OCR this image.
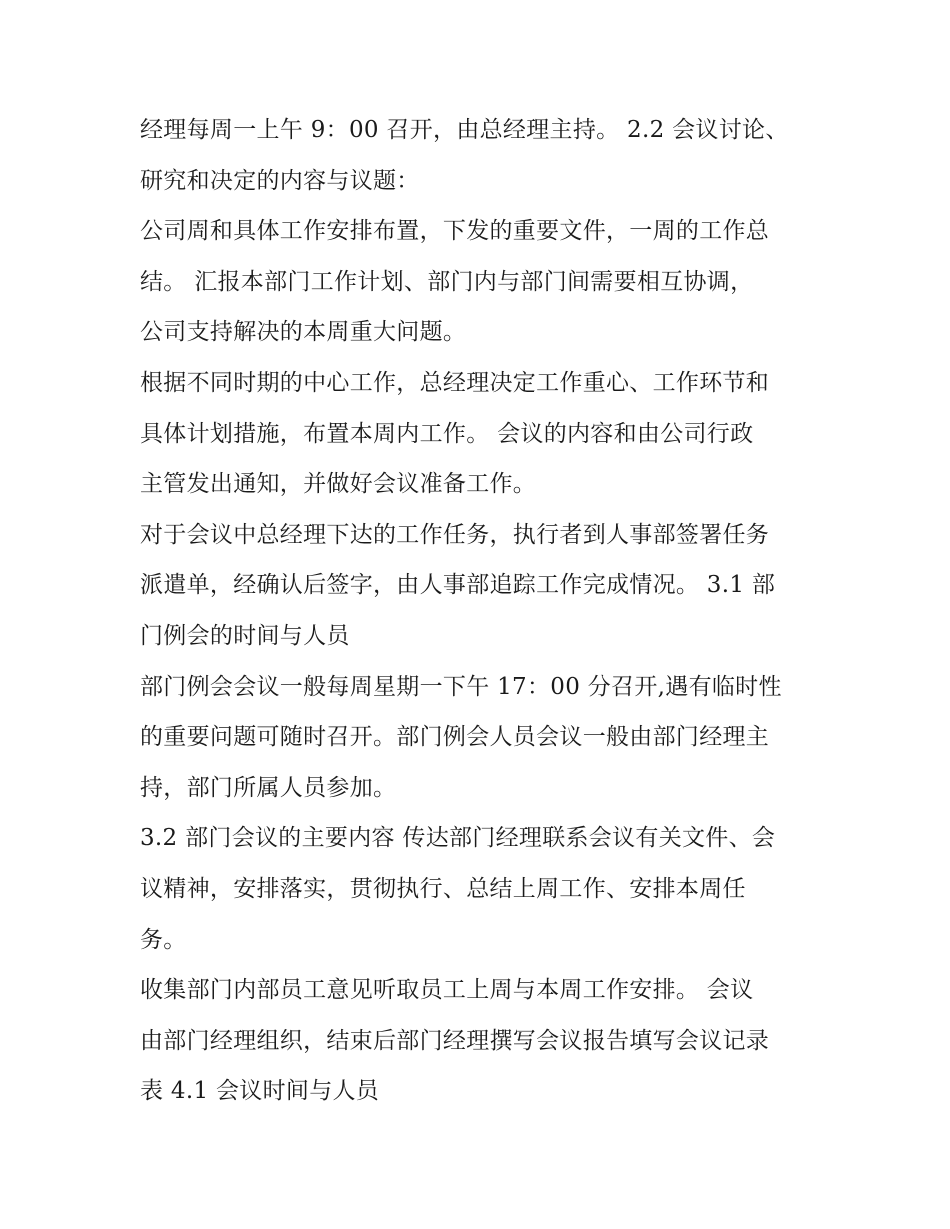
经理每周一上午 9：00 召开，由总经理主持。 2.2 会议讨论、
研究和决定的内容与议题：
公司周和具体工作安排布置，下发的重要文件，一周的工作总
结。 汇报本部门工作计划、部门内与部门间需要相互协调，
公司支持解决的本周重大问题。
根据不同时期的中心工作，总经理决定工作重心、工作环节和
具体计划措施，布置本周内工作。 会议的内容和由公司行政
主管发出通知，并做好会议准备工作。
对于会议中总经理下达的工作任务，执行者到人事部签署任务
派遣单，经确认后签字，由人事部追踪工作完成情况。 3.1 部
门例会的时间与人员
部门例会会议一般每周星期一下午 17：00 分召开,遇有临时性
的重要问题可随时召开。部门例会人员会议一般由部门经理主
持，部门所属人员参加。
3.2 部门会议的主要内容 传达部门经理联系会议有关文件、会
议精神，安排落实，贯彻执行、总结上周工作、安排本周任
务。
收集部门内部员工意见听取员工上周与本周工作安排。 会议
由部门经理组织，结束后部门经理撰写会议报告填写会议记录
表 4.1 会议时间与人员
